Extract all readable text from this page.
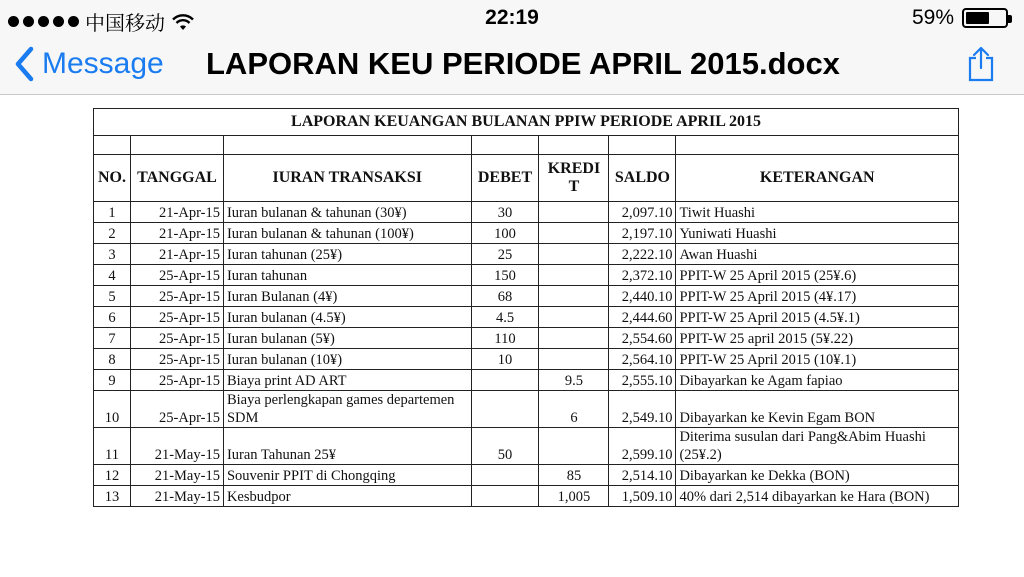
中国移动	22:19	59%
Message LAPORAN KEU PERIODE APRIL 2015.docx
LAPORAN KEUANGAN BULANAN PPIW PERIODE APRIL 2015						

NO.	TANGGAL	IURAN TRANSAKSI	DEBET	KREDI T	SALDO	KETERANGAN
1	21-Apr-15	Iuran bulanan & tahunan (30¥)	30		2,097.10	Tiwit Huashi
2	21-Apr-15	Iuran bulanan & tahunan (100¥)	100		2,197.10	Yuniwati Huashi
3	21-Apr-15	Iuran tahunan (25¥)	25		2,222.10	Awan Huashi
4	25-Apr-15	Iuran tahunan	150		2,372.10	PPIT-W 25 April 2015 (25¥.6)
5	25-Apr-15	Iuran Bulanan (4¥)	68		2,440.10	PPIT-W 25 April 2015 (4¥.17)
6	25-Apr-15	Iuran bulanan (4.5¥)	4.5		2,444.60	PPIT-W 25 April 2015 (4.5¥.1)
7	25-Apr-15	Iuran bulanan (5¥)	110		2,554.60	PPIT-W 25 april 2015 (5¥.22)
8	25-Apr-15	Iuran bulanan (10¥)	10		2,564.10	PPIT-W 25 April 2015 (10¥.1)
9	25-Apr-15	Biaya print AD ART		9.5	2,555.10	Dibayarkan ke Agam fapiao
10	25-Apr-15	Biaya perlengkapan games departemen SDM		6	2,549.10	Dibayarkan ke Kevin Egam BON
11	21-May-15	Iuran Tahunan 25¥	50		2,599.10	Diterima susulan dari Pang&Abim Huashi (25¥.2)
12	21-May-15	Souvenir PPIT di Chongqing		85	2,514.10	Dibayarkan ke Dekka (BON)
13	21-May-15	Kesbudpor		1,005	1,509.10	40% dari 2,514 dibayarkan ke Hara (BON)
